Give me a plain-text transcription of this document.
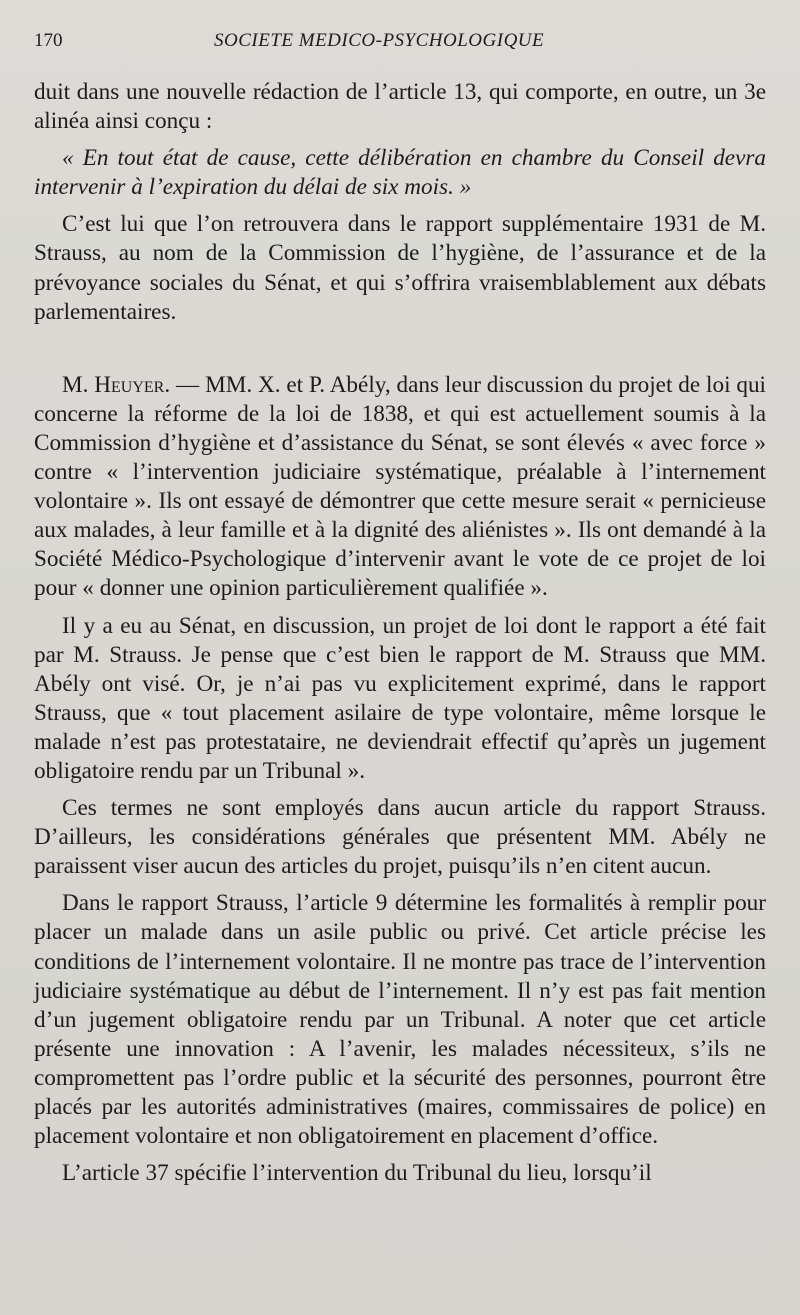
170	SOCIETE MEDICO-PSYCHOLOGIQUE

duit dans une nouvelle rédaction de l’article 13, qui comporte, en outre, un 3e alinéa ainsi conçu :

« En tout état de cause, cette délibération en chambre du Conseil devra intervenir à l’expiration du délai de six mois. »

C’est lui que l’on retrouvera dans le rapport supplémentaire 1931 de M. Strauss, au nom de la Commission de l’hygiène, de l’assurance et de la prévoyance sociales du Sénat, et qui s’offrira vraisemblablement aux débats parlementaires.

M. Heuyer. — MM. X. et P. Abély, dans leur discussion du projet de loi qui concerne la réforme de la loi de 1838, et qui est actuellement soumis à la Commission d’hygiène et d’assistance du Sénat, se sont élevés « avec force » contre « l’intervention judiciaire systématique, préalable à l’internement volontaire ». Ils ont essayé de démontrer que cette mesure serait « pernicieuse aux malades, à leur famille et à la dignité des aliénistes ». Ils ont demandé à la Société Médico-Psychologique d’intervenir avant le vote de ce projet de loi pour « donner une opinion particulièrement qualifiée ».

Il y a eu au Sénat, en discussion, un projet de loi dont le rapport a été fait par M. Strauss. Je pense que c’est bien le rapport de M. Strauss que MM. Abély ont visé. Or, je n’ai pas vu explicitement exprimé, dans le rapport Strauss, que « tout placement asilaire de type volontaire, même lorsque le malade n’est pas protestataire, ne deviendrait effectif qu’après un jugement obligatoire rendu par un Tribunal ».

Ces termes ne sont employés dans aucun article du rapport Strauss. D’ailleurs, les considérations générales que présentent MM. Abély ne paraissent viser aucun des articles du projet, puisqu’ils n’en citent aucun.

Dans le rapport Strauss, l’article 9 détermine les formalités à remplir pour placer un malade dans un asile public ou privé. Cet article précise les conditions de l’internement volontaire. Il ne montre pas trace de l’intervention judiciaire systématique au début de l’internement. Il n’y est pas fait mention d’un jugement obligatoire rendu par un Tribunal. A noter que cet article présente une innovation : A l’avenir, les malades nécessiteux, s’ils ne compromettent pas l’ordre public et la sécurité des personnes, pourront être placés par les autorités administratives (maires, commissaires de police) en placement volontaire et non obligatoirement en placement d’office.

L’article 37 spécifie l’intervention du Tribunal du lieu, lorsqu’il
